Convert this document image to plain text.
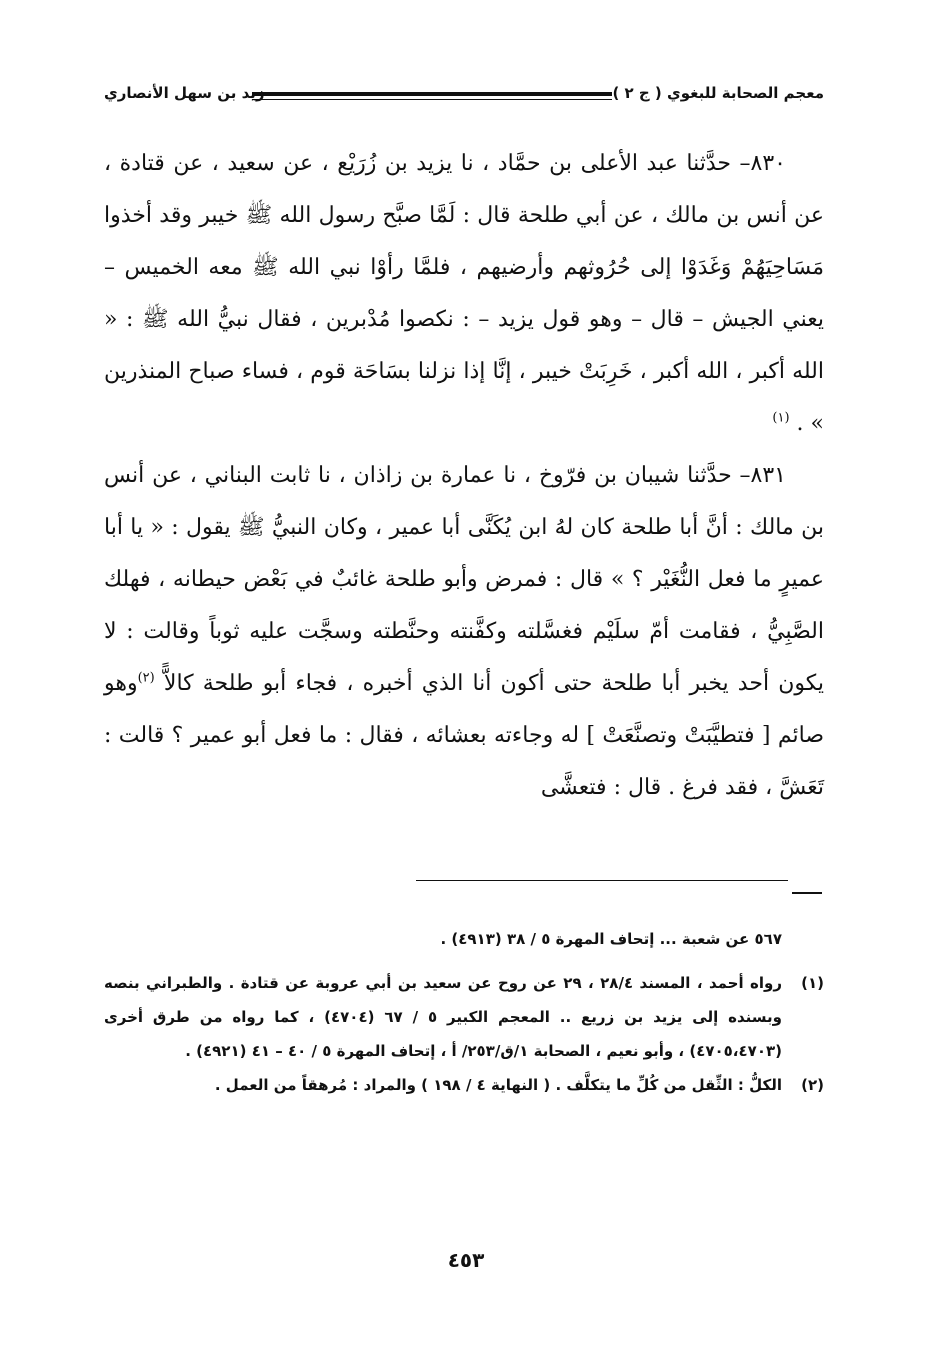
معجم الصحابة للبغوي ( ج ٢ )
زيد بن سهل الأنصاري

٨٣٠– حدَّثنا عبد الأعلى بن حمَّاد ، نا يزيد بن زُرَيْع ، عن سعيد ، عن قتادة ، عن أنس بن مالك ، عن أبي طلحة قال : لَمَّا صبَّح رسول الله ﷺ خيبر وقد أخذوا مَسَاحِيَهُمْ وَغَدَوْا إلى حُرُوثهم وأرضيهم ، فلمَّا رأوْا نبي الله ﷺ معه الخميس – يعني الجيش – قال – وهو قول يزيد – : نكصوا مُدْبرين ، فقال نبيُّ الله ﷺ : « الله أكبر ، الله أكبر ، خَرِبَتْ خيبر ، إنَّا إذا نزلنا بسَاحَة قوم ، فساء صباح المنذرين » . $^{(١)}$

٨٣١– حدَّثنا شيبان بن فرّوخ ، نا عمارة بن زاذان ، نا ثابت البناني ، عن أنس بن مالك : أنَّ أبا طلحة كان لهُ ابن يُكَنَّى أبا عمير ، وكان النبيُّ ﷺ يقول : « يا أبا عميرٍ ما فعل النُّغَيْر ؟ » قال : فمرض وأبو طلحة غائبٌ في بَعْض حيطانه ، فهلك الصَّبِيُّ ، فقامت أمّ سلَيْم فغسَّلته وكفَّنته وحنَّطته وسجَّت عليه ثوباً وقالت : لا يكون أحد يخبر أبا طلحة حتى أكون أنا الذي أخبره ، فجاء أبو طلحة كالاًّ $^{(٢)}$وهو صائم [ فتطيَّبَتْ وتصنَّعَتْ ] له وجاءته بعشائه ، فقال : ما فعل أبو عمير ؟ قالت : تَعَشَّ ، فقد فرغ . قال : فتعشَّى

٥٦٧ عن شعبة ... إتحاف المهرة ٥ / ٣٨ (٤٩١٣) .

(١)
رواه أحمد ، المسند ٢٨/٤ ، ٢٩ عن روح عن سعيد بن أبي عروبة عن قتادة . والطبراني بنصه وبسنده إلى يزيد بن زريع .. المعجم الكبير ٥ / ٦٧ (٤٧٠٤) ، كما رواه من طرق أخرى (٤٧٠٥،٤٧٠٣) ، وأبو نعيم ، الصحابة ١/ق/٢٥٣/ أ ، إتحاف المهرة ٥ / ٤٠ – ٤١ (٤٩٢١) .

(٢)
الكلُّ : الثِّقل من كُلِّ ما يتكلَّف . ( النهاية ٤ / ١٩٨ ) والمراد : مُرهقاً من العمل .

٤٥٣
